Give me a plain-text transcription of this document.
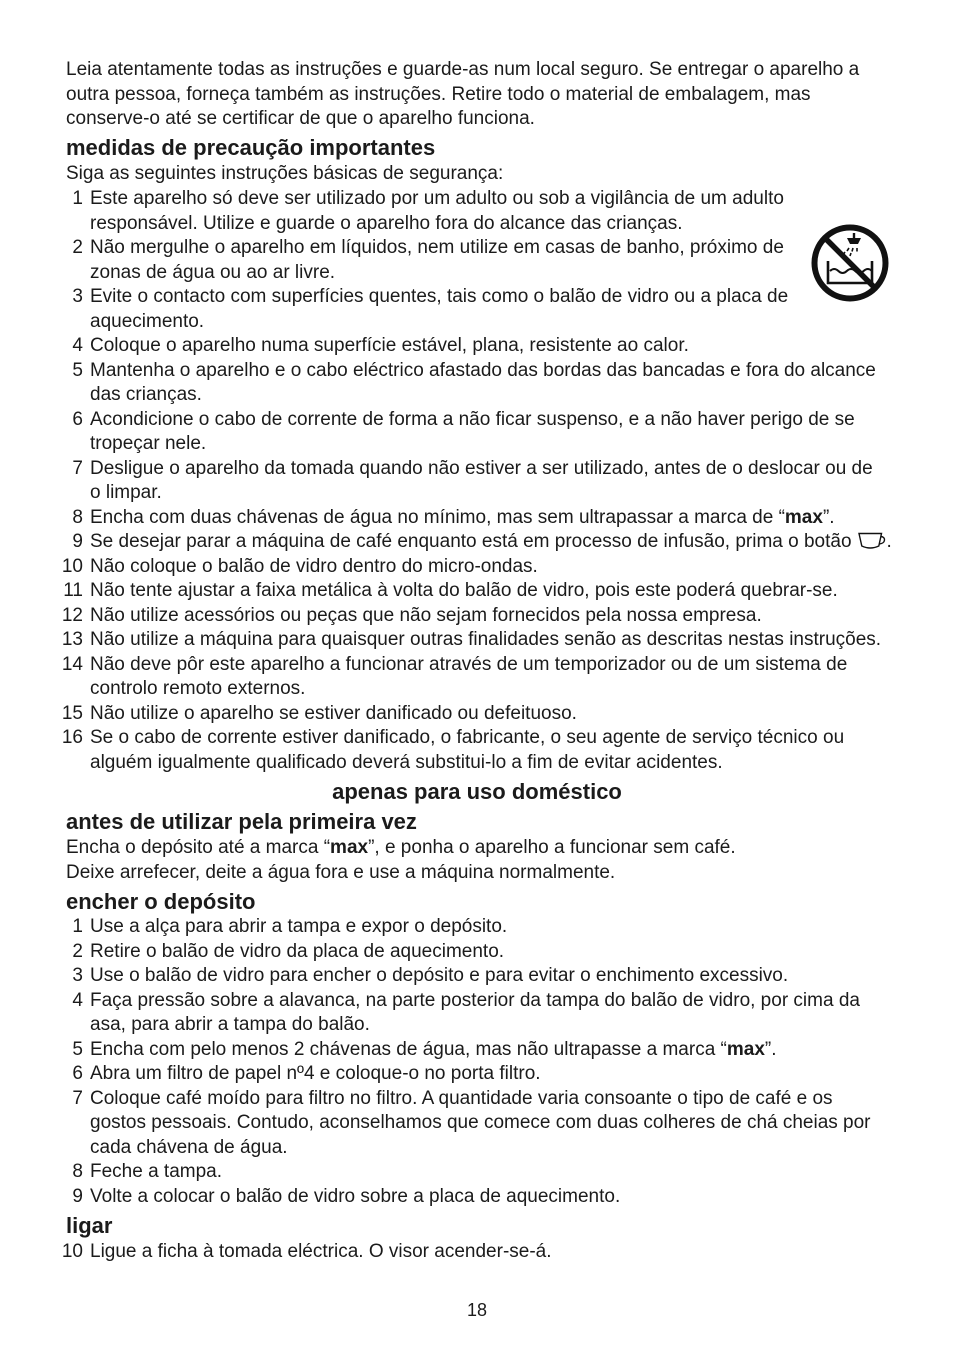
Leia atentamente todas as instruções e guarde-as num local seguro. Se entregar o aparelho a
outra pessoa, forneça também as instruções. Retire todo o material de embalagem, mas
conserve-o até se certificar de que o aparelho funciona.
medidas de precaução importantes
Siga as seguintes instruções básicas de segurança:
1 Este aparelho só deve ser utilizado por um adulto ou sob a vigilância de um adulto
responsável. Utilize e guarde o aparelho fora do alcance das crianças.
2 Não mergulhe o aparelho em líquidos, nem utilize em casas de banho, próximo de
zonas de água ou ao ar livre.
3 Evite o contacto com superfícies quentes, tais como o balão de vidro ou a placa de
aquecimento.
4 Coloque o aparelho numa superfície estável, plana, resistente ao calor.
5 Mantenha o aparelho e o cabo eléctrico afastado das bordas das bancadas e fora do alcance
das crianças.
6 Acondicione o cabo de corrente de forma a não ficar suspenso, e a não haver perigo de se
tropeçar nele.
7 Desligue o aparelho da tomada quando não estiver a ser utilizado, antes de o deslocar ou de
o limpar.
8 Encha com duas chávenas de água no mínimo, mas sem ultrapassar a marca de “max”.
9 Se desejar parar a máquina de café enquanto está em processo de infusão, prima o botão .
10 Não coloque o balão de vidro dentro do micro-ondas.
11 Não tente ajustar a faixa metálica à volta do balão de vidro, pois este poderá quebrar-se.
12 Não utilize acessórios ou peças que não sejam fornecidos pela nossa empresa.
13 Não utilize a máquina para quaisquer outras finalidades senão as descritas nestas instruções.
14 Não deve pôr este aparelho a funcionar através de um temporizador ou de um sistema de
controlo remoto externos.
15 Não utilize o aparelho se estiver danificado ou defeituoso.
16 Se o cabo de corrente estiver danificado, o fabricante, o seu agente de serviço técnico ou
alguém igualmente qualificado deverá substitui-lo a fim de evitar acidentes.
apenas para uso doméstico
antes de utilizar pela primeira vez
Encha o depósito até a marca “max”, e ponha o aparelho a funcionar sem café.
Deixe arrefecer, deite a água fora e use a máquina normalmente.
encher o depósito
1 Use a alça para abrir a tampa e expor o depósito.
2 Retire o balão de vidro da placa de aquecimento.
3 Use o balão de vidro para encher o depósito e para evitar o enchimento excessivo.
4 Faça pressão sobre a alavanca, na parte posterior da tampa do balão de vidro, por cima da
asa, para abrir a tampa do balão.
5 Encha com pelo menos 2 chávenas de água, mas não ultrapasse a marca “max”.
6 Abra um filtro de papel nº4 e coloque-o no porta filtro.
7 Coloque café moído para filtro no filtro. A quantidade varia consoante o tipo de café e os
gostos pessoais. Contudo, aconselhamos que comece com duas colheres de chá cheias por
cada chávena de água.
8 Feche a tampa.
9 Volte a colocar o balão de vidro sobre a placa de aquecimento.
ligar
10 Ligue a ficha à tomada eléctrica. O visor acender-se-á.
18
